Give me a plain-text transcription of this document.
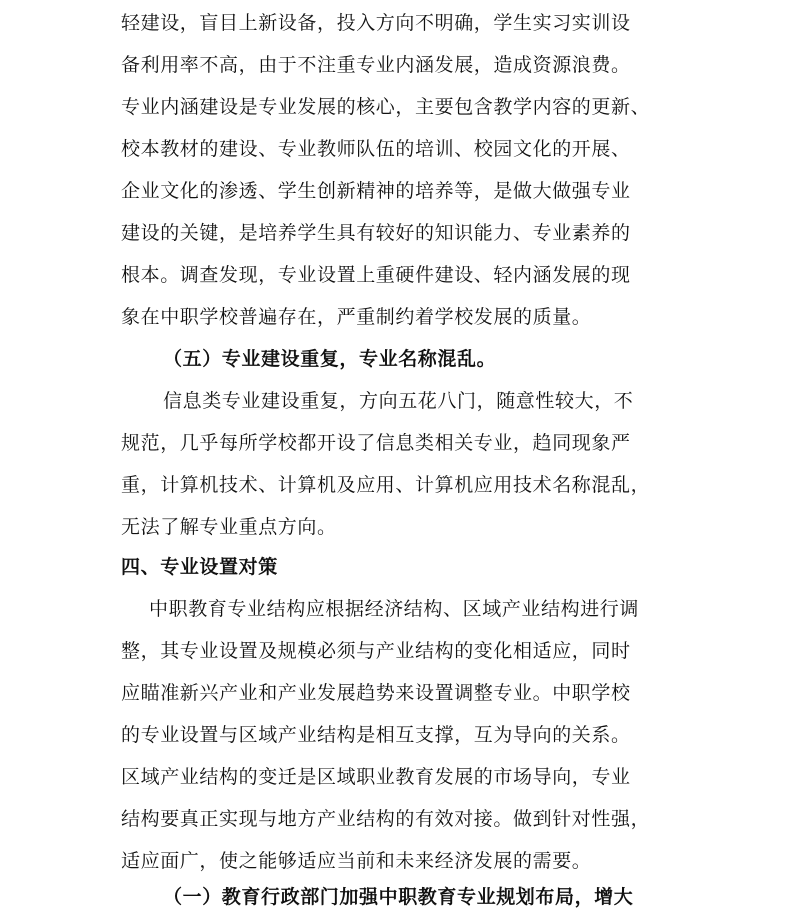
轻建设，盲目上新设备，投入方向不明确，学生实习实训设
备利用率不高，由于不注重专业内涵发展，造成资源浪费。
专业内涵建设是专业发展的核心，主要包含教学内容的更新、
校本教材的建设、专业教师队伍的培训、校园文化的开展、
企业文化的渗透、学生创新精神的培养等，是做大做强专业
建设的关键，是培养学生具有较好的知识能力、专业素养的
根本。调查发现，专业设置上重硬件建设、轻内涵发展的现
象在中职学校普遍存在，严重制约着学校发展的质量。
（五）专业建设重复，专业名称混乱。
信息类专业建设重复，方向五花八门，随意性较大，不
规范，几乎每所学校都开设了信息类相关专业，趋同现象严
重，计算机技术、计算机及应用、计算机应用技术名称混乱，
无法了解专业重点方向。
四、专业设置对策
中职教育专业结构应根据经济结构、区域产业结构进行调
整，其专业设置及规模必须与产业结构的变化相适应，同时
应瞄准新兴产业和产业发展趋势来设置调整专业。中职学校
的专业设置与区域产业结构是相互支撑，互为导向的关系。
区域产业结构的变迁是区域职业教育发展的市场导向，专业
结构要真正实现与地方产业结构的有效对接。做到针对性强，
适应面广，使之能够适应当前和未来经济发展的需要。
（一）教育行政部门加强中职教育专业规划布局，增大
